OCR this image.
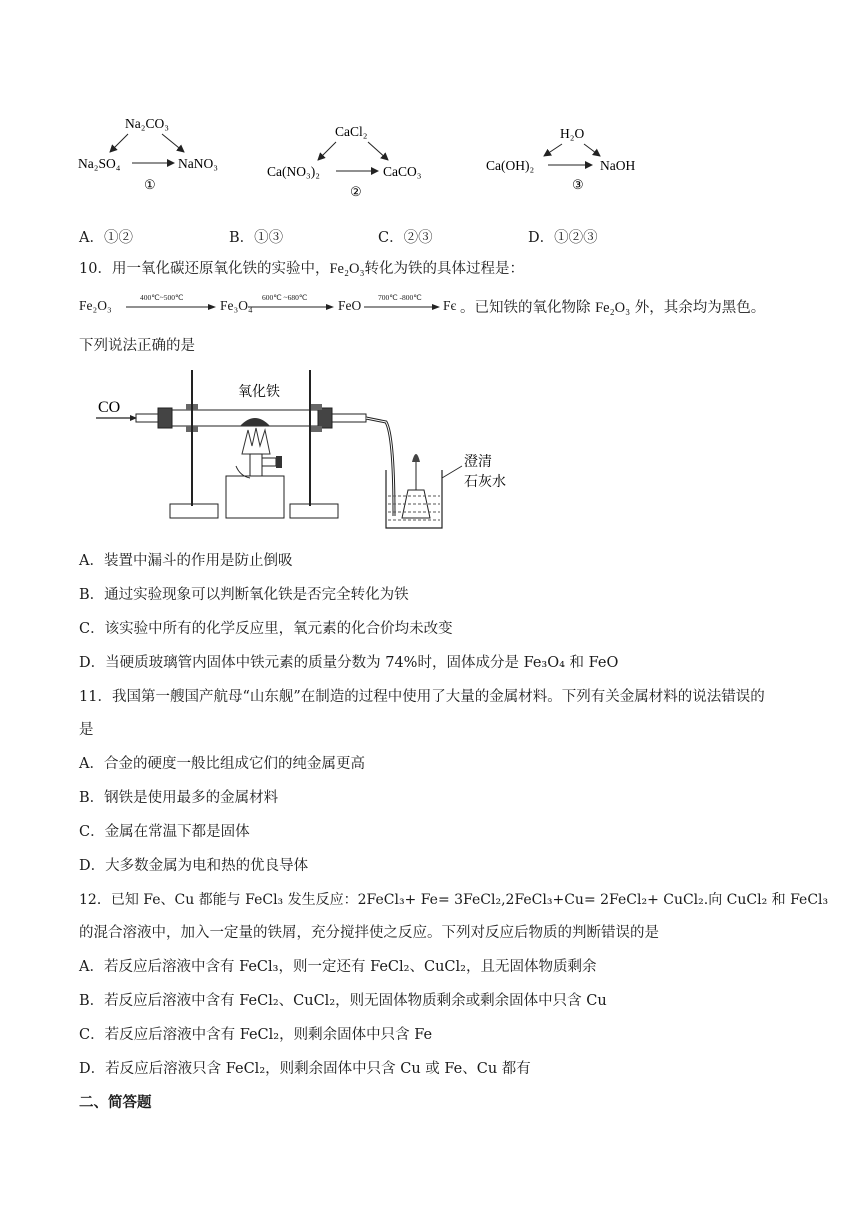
Na₂CO₃
Na₂SO₄	NaNO₃
①
CaCl₂
Ca(NO₃)₂	CaCO₃
②
H₂O
Ca(OH)₂	NaOH
③
A．①②	B．①③	C．②③	D．①②③
10．用一氧化碳还原氧化铁的实验中，Fe₂O₃转化为铁的具体过程是：
Fe₂O₃
400℃~500℃
Fe₃O₄
600℃ ~680℃
FeO
700℃ -800℃
Fє 。已知铁的氧化物除 Fe₂O₃ 外，其余均为黑色。
下列说法正确的是
CO
氧化铁
澄清
石灰水
A．装置中漏斗的作用是防止倒吸
B．通过实验现象可以判断氧化铁是否完全转化为铁
C．该实验中所有的化学反应里，氧元素的化合价均未改变
D．当硬质玻璃管内固体中铁元素的质量分数为 74%时，固体成分是 Fe₃O₄ 和 FeO
11．我国第一艘国产航母“山东舰”在制造的过程中使用了大量的金属材料。下列有关金属材料的说法错误的
是
A．合金的硬度一般比组成它们的纯金属更高
B．钢铁是使用最多的金属材料
C．金属在常温下都是固体
D．大多数金属为电和热的优良导体
12．已知 Fe、Cu 都能与 FeCl₃ 发生反应：2FeCl₃+ Fe= 3FeCl₂,2FeCl₃+Cu= 2FeCl₂+ CuCl₂.向 CuCl₂ 和 FeCl₃
的混合溶液中，加入一定量的铁屑，充分搅拌使之反应。下列对反应后物质的判断错误的是
A．若反应后溶液中含有 FeCl₃，则一定还有 FeCl₂、CuCl₂，且无固体物质剩余
B．若反应后溶液中含有 FeCl₂、CuCl₂，则无固体物质剩余或剩余固体中只含 Cu
C．若反应后溶液中含有 FeCl₂，则剩余固体中只含 Fe
D．若反应后溶液只含 FeCl₂，则剩余固体中只含 Cu 或 Fe、Cu 都有
二、简答题
